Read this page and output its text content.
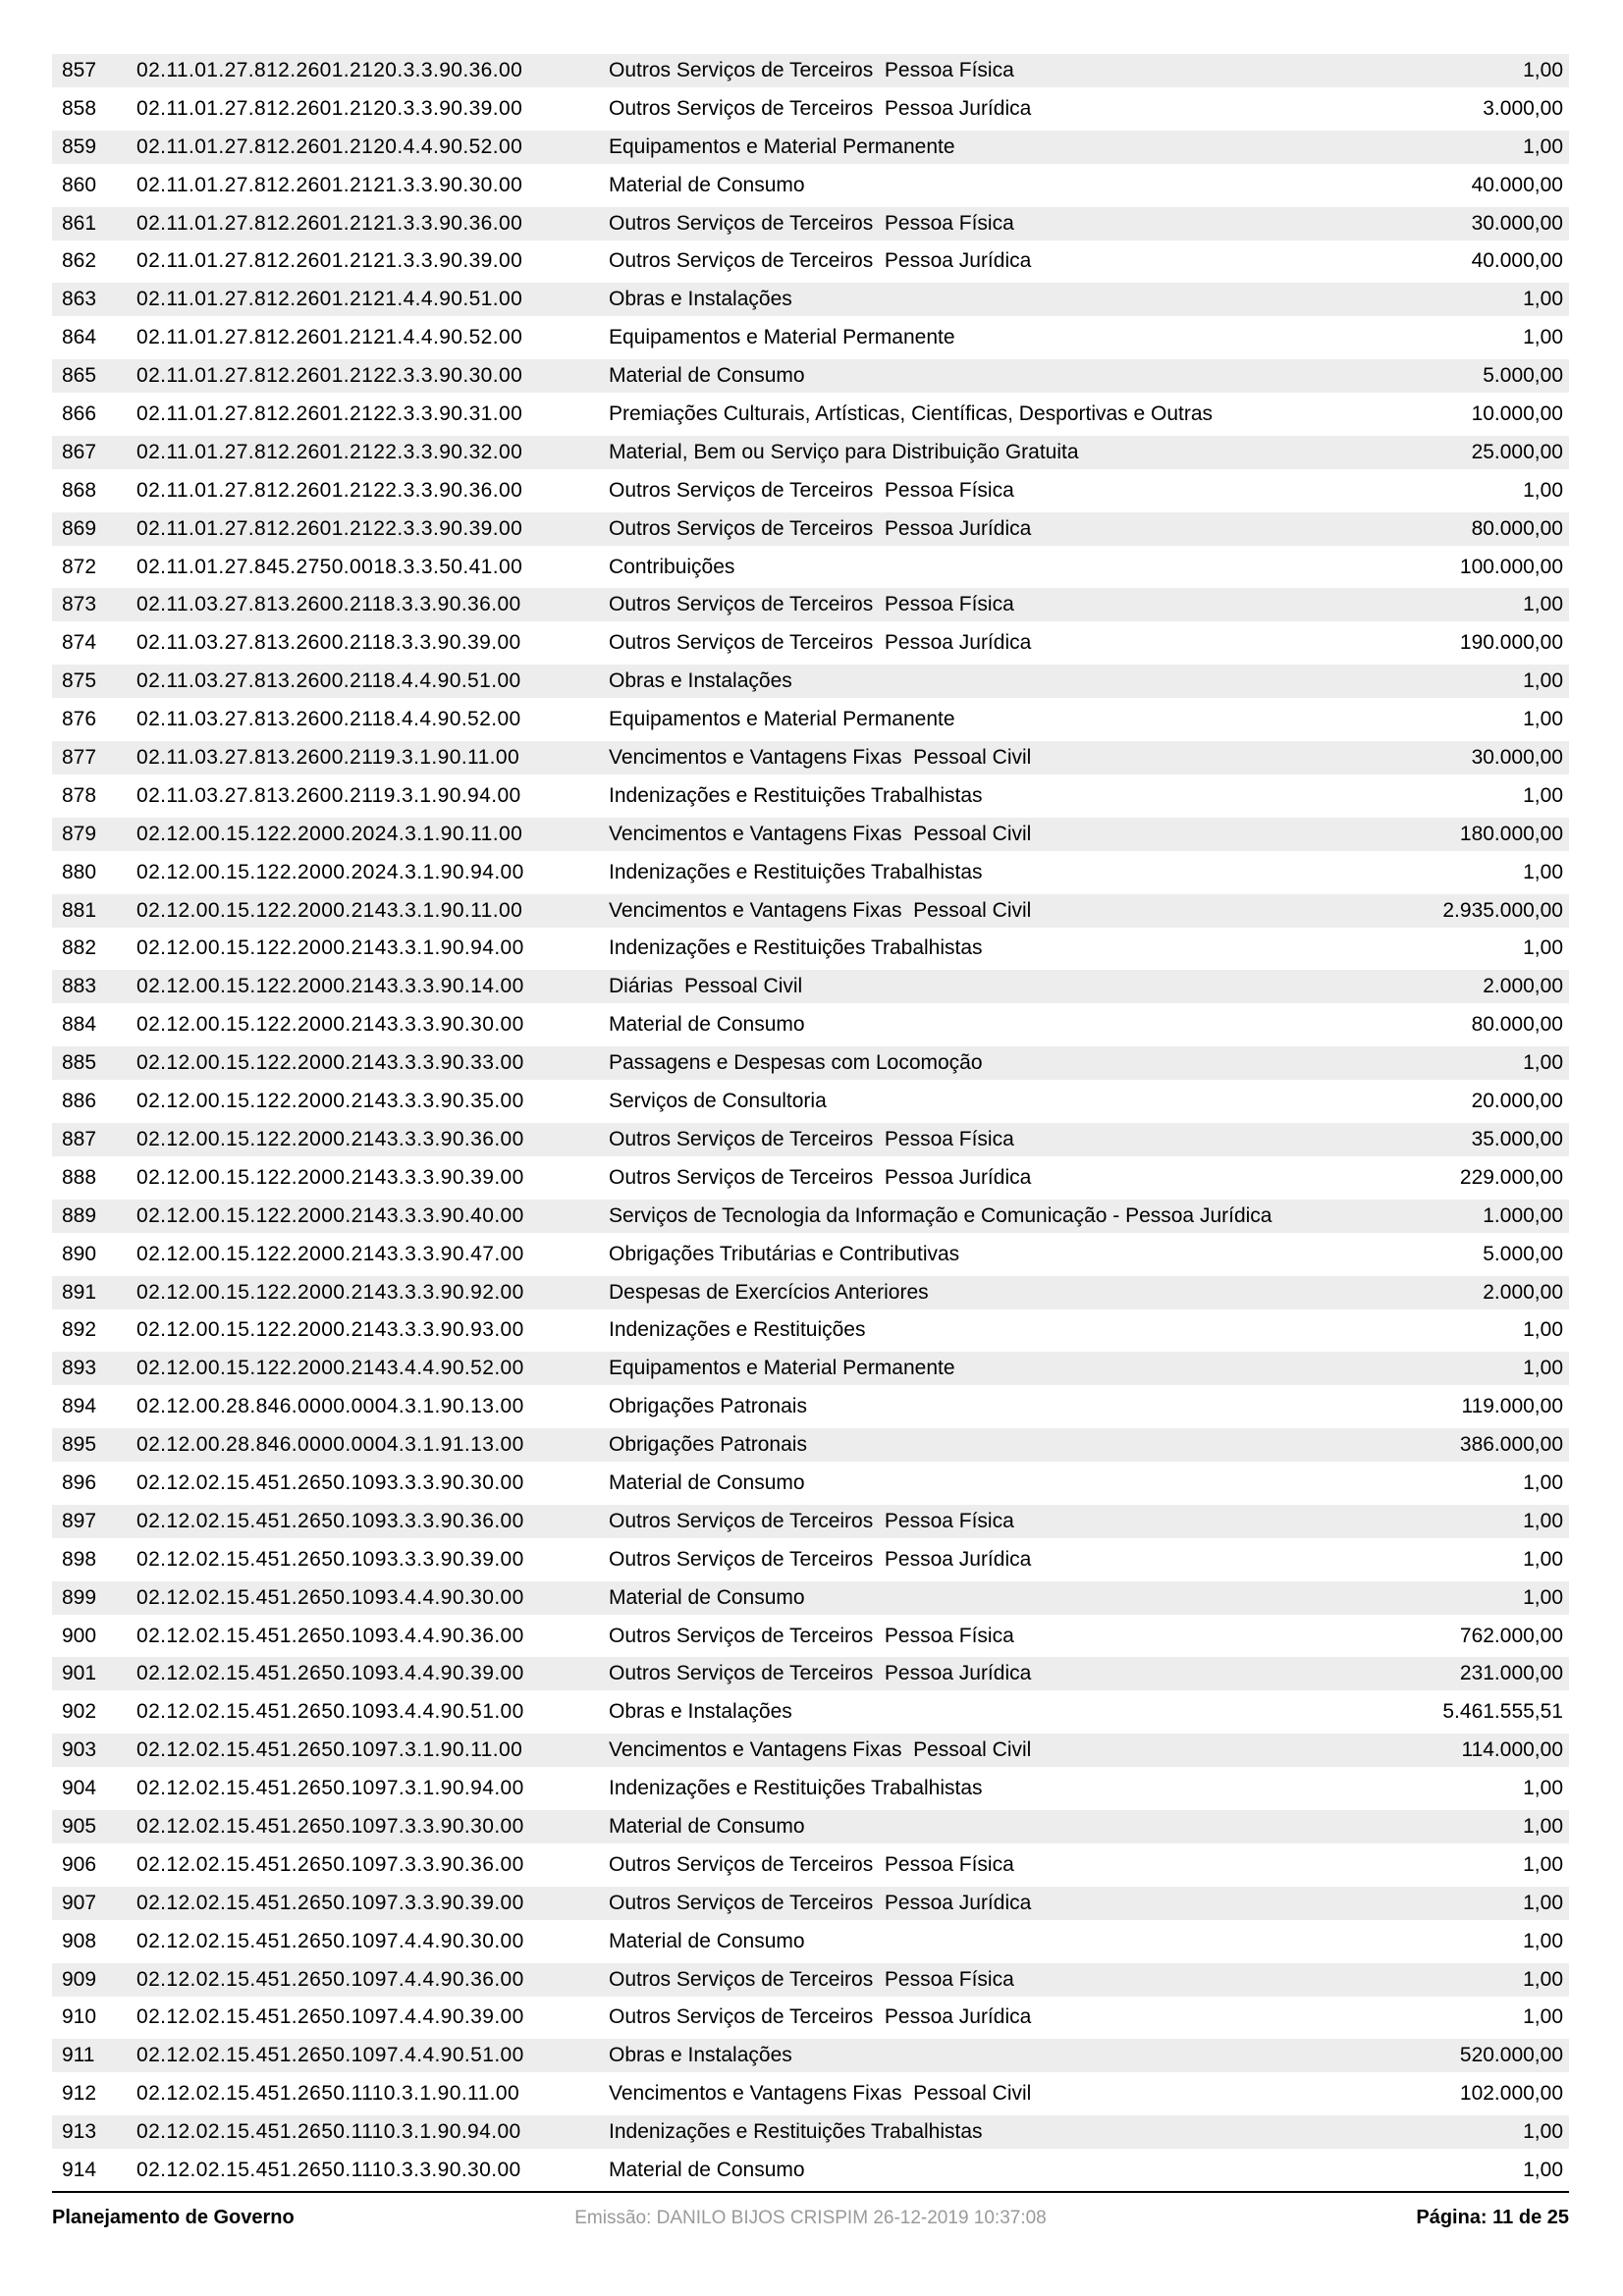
857	02.11.01.27.812.2601.2120.3.3.90.36.00	Outros Serviços de Terceiros  Pessoa Física	1,00
858	02.11.01.27.812.2601.2120.3.3.90.39.00	Outros Serviços de Terceiros  Pessoa Jurídica	3.000,00
859	02.11.01.27.812.2601.2120.4.4.90.52.00	Equipamentos e Material Permanente	1,00
860	02.11.01.27.812.2601.2121.3.3.90.30.00	Material de Consumo	40.000,00
861	02.11.01.27.812.2601.2121.3.3.90.36.00	Outros Serviços de Terceiros  Pessoa Física	30.000,00
862	02.11.01.27.812.2601.2121.3.3.90.39.00	Outros Serviços de Terceiros  Pessoa Jurídica	40.000,00
863	02.11.01.27.812.2601.2121.4.4.90.51.00	Obras e Instalações	1,00
864	02.11.01.27.812.2601.2121.4.4.90.52.00	Equipamentos e Material Permanente	1,00
865	02.11.01.27.812.2601.2122.3.3.90.30.00	Material de Consumo	5.000,00
866	02.11.01.27.812.2601.2122.3.3.90.31.00	Premiações Culturais, Artísticas, Científicas, Desportivas e Outras	10.000,00
867	02.11.01.27.812.2601.2122.3.3.90.32.00	Material, Bem ou Serviço para Distribuição Gratuita	25.000,00
868	02.11.01.27.812.2601.2122.3.3.90.36.00	Outros Serviços de Terceiros  Pessoa Física	1,00
869	02.11.01.27.812.2601.2122.3.3.90.39.00	Outros Serviços de Terceiros  Pessoa Jurídica	80.000,00
872	02.11.01.27.845.2750.0018.3.3.50.41.00	Contribuições	100.000,00
873	02.11.03.27.813.2600.2118.3.3.90.36.00	Outros Serviços de Terceiros  Pessoa Física	1,00
874	02.11.03.27.813.2600.2118.3.3.90.39.00	Outros Serviços de Terceiros  Pessoa Jurídica	190.000,00
875	02.11.03.27.813.2600.2118.4.4.90.51.00	Obras e Instalações	1,00
876	02.11.03.27.813.2600.2118.4.4.90.52.00	Equipamentos e Material Permanente	1,00
877	02.11.03.27.813.2600.2119.3.1.90.11.00	Vencimentos e Vantagens Fixas  Pessoal Civil	30.000,00
878	02.11.03.27.813.2600.2119.3.1.90.94.00	Indenizações e Restituições Trabalhistas	1,00
879	02.12.00.15.122.2000.2024.3.1.90.11.00	Vencimentos e Vantagens Fixas  Pessoal Civil	180.000,00
880	02.12.00.15.122.2000.2024.3.1.90.94.00	Indenizações e Restituições Trabalhistas	1,00
881	02.12.00.15.122.2000.2143.3.1.90.11.00	Vencimentos e Vantagens Fixas  Pessoal Civil	2.935.000,00
882	02.12.00.15.122.2000.2143.3.1.90.94.00	Indenizações e Restituições Trabalhistas	1,00
883	02.12.00.15.122.2000.2143.3.3.90.14.00	Diárias  Pessoal Civil	2.000,00
884	02.12.00.15.122.2000.2143.3.3.90.30.00	Material de Consumo	80.000,00
885	02.12.00.15.122.2000.2143.3.3.90.33.00	Passagens e Despesas com Locomoção	1,00
886	02.12.00.15.122.2000.2143.3.3.90.35.00	Serviços de Consultoria	20.000,00
887	02.12.00.15.122.2000.2143.3.3.90.36.00	Outros Serviços de Terceiros  Pessoa Física	35.000,00
888	02.12.00.15.122.2000.2143.3.3.90.39.00	Outros Serviços de Terceiros  Pessoa Jurídica	229.000,00
889	02.12.00.15.122.2000.2143.3.3.90.40.00	Serviços de Tecnologia da Informação e Comunicação - Pessoa Jurídica	1.000,00
890	02.12.00.15.122.2000.2143.3.3.90.47.00	Obrigações Tributárias e Contributivas	5.000,00
891	02.12.00.15.122.2000.2143.3.3.90.92.00	Despesas de Exercícios Anteriores	2.000,00
892	02.12.00.15.122.2000.2143.3.3.90.93.00	Indenizações e Restituições	1,00
893	02.12.00.15.122.2000.2143.4.4.90.52.00	Equipamentos e Material Permanente	1,00
894	02.12.00.28.846.0000.0004.3.1.90.13.00	Obrigações Patronais	119.000,00
895	02.12.00.28.846.0000.0004.3.1.91.13.00	Obrigações Patronais	386.000,00
896	02.12.02.15.451.2650.1093.3.3.90.30.00	Material de Consumo	1,00
897	02.12.02.15.451.2650.1093.3.3.90.36.00	Outros Serviços de Terceiros  Pessoa Física	1,00
898	02.12.02.15.451.2650.1093.3.3.90.39.00	Outros Serviços de Terceiros  Pessoa Jurídica	1,00
899	02.12.02.15.451.2650.1093.4.4.90.30.00	Material de Consumo	1,00
900	02.12.02.15.451.2650.1093.4.4.90.36.00	Outros Serviços de Terceiros  Pessoa Física	762.000,00
901	02.12.02.15.451.2650.1093.4.4.90.39.00	Outros Serviços de Terceiros  Pessoa Jurídica	231.000,00
902	02.12.02.15.451.2650.1093.4.4.90.51.00	Obras e Instalações	5.461.555,51
903	02.12.02.15.451.2650.1097.3.1.90.11.00	Vencimentos e Vantagens Fixas  Pessoal Civil	114.000,00
904	02.12.02.15.451.2650.1097.3.1.90.94.00	Indenizações e Restituições Trabalhistas	1,00
905	02.12.02.15.451.2650.1097.3.3.90.30.00	Material de Consumo	1,00
906	02.12.02.15.451.2650.1097.3.3.90.36.00	Outros Serviços de Terceiros  Pessoa Física	1,00
907	02.12.02.15.451.2650.1097.3.3.90.39.00	Outros Serviços de Terceiros  Pessoa Jurídica	1,00
908	02.12.02.15.451.2650.1097.4.4.90.30.00	Material de Consumo	1,00
909	02.12.02.15.451.2650.1097.4.4.90.36.00	Outros Serviços de Terceiros  Pessoa Física	1,00
910	02.12.02.15.451.2650.1097.4.4.90.39.00	Outros Serviços de Terceiros  Pessoa Jurídica	1,00
911	02.12.02.15.451.2650.1097.4.4.90.51.00	Obras e Instalações	520.000,00
912	02.12.02.15.451.2650.1110.3.1.90.11.00	Vencimentos e Vantagens Fixas  Pessoal Civil	102.000,00
913	02.12.02.15.451.2650.1110.3.1.90.94.00	Indenizações e Restituições Trabalhistas	1,00
914	02.12.02.15.451.2650.1110.3.3.90.30.00	Material de Consumo	1,00
Planejamento de Governo	Emissão: DANILO BIJOS CRISPIM 26-12-2019 10:37:08	Página: 11 de 25
